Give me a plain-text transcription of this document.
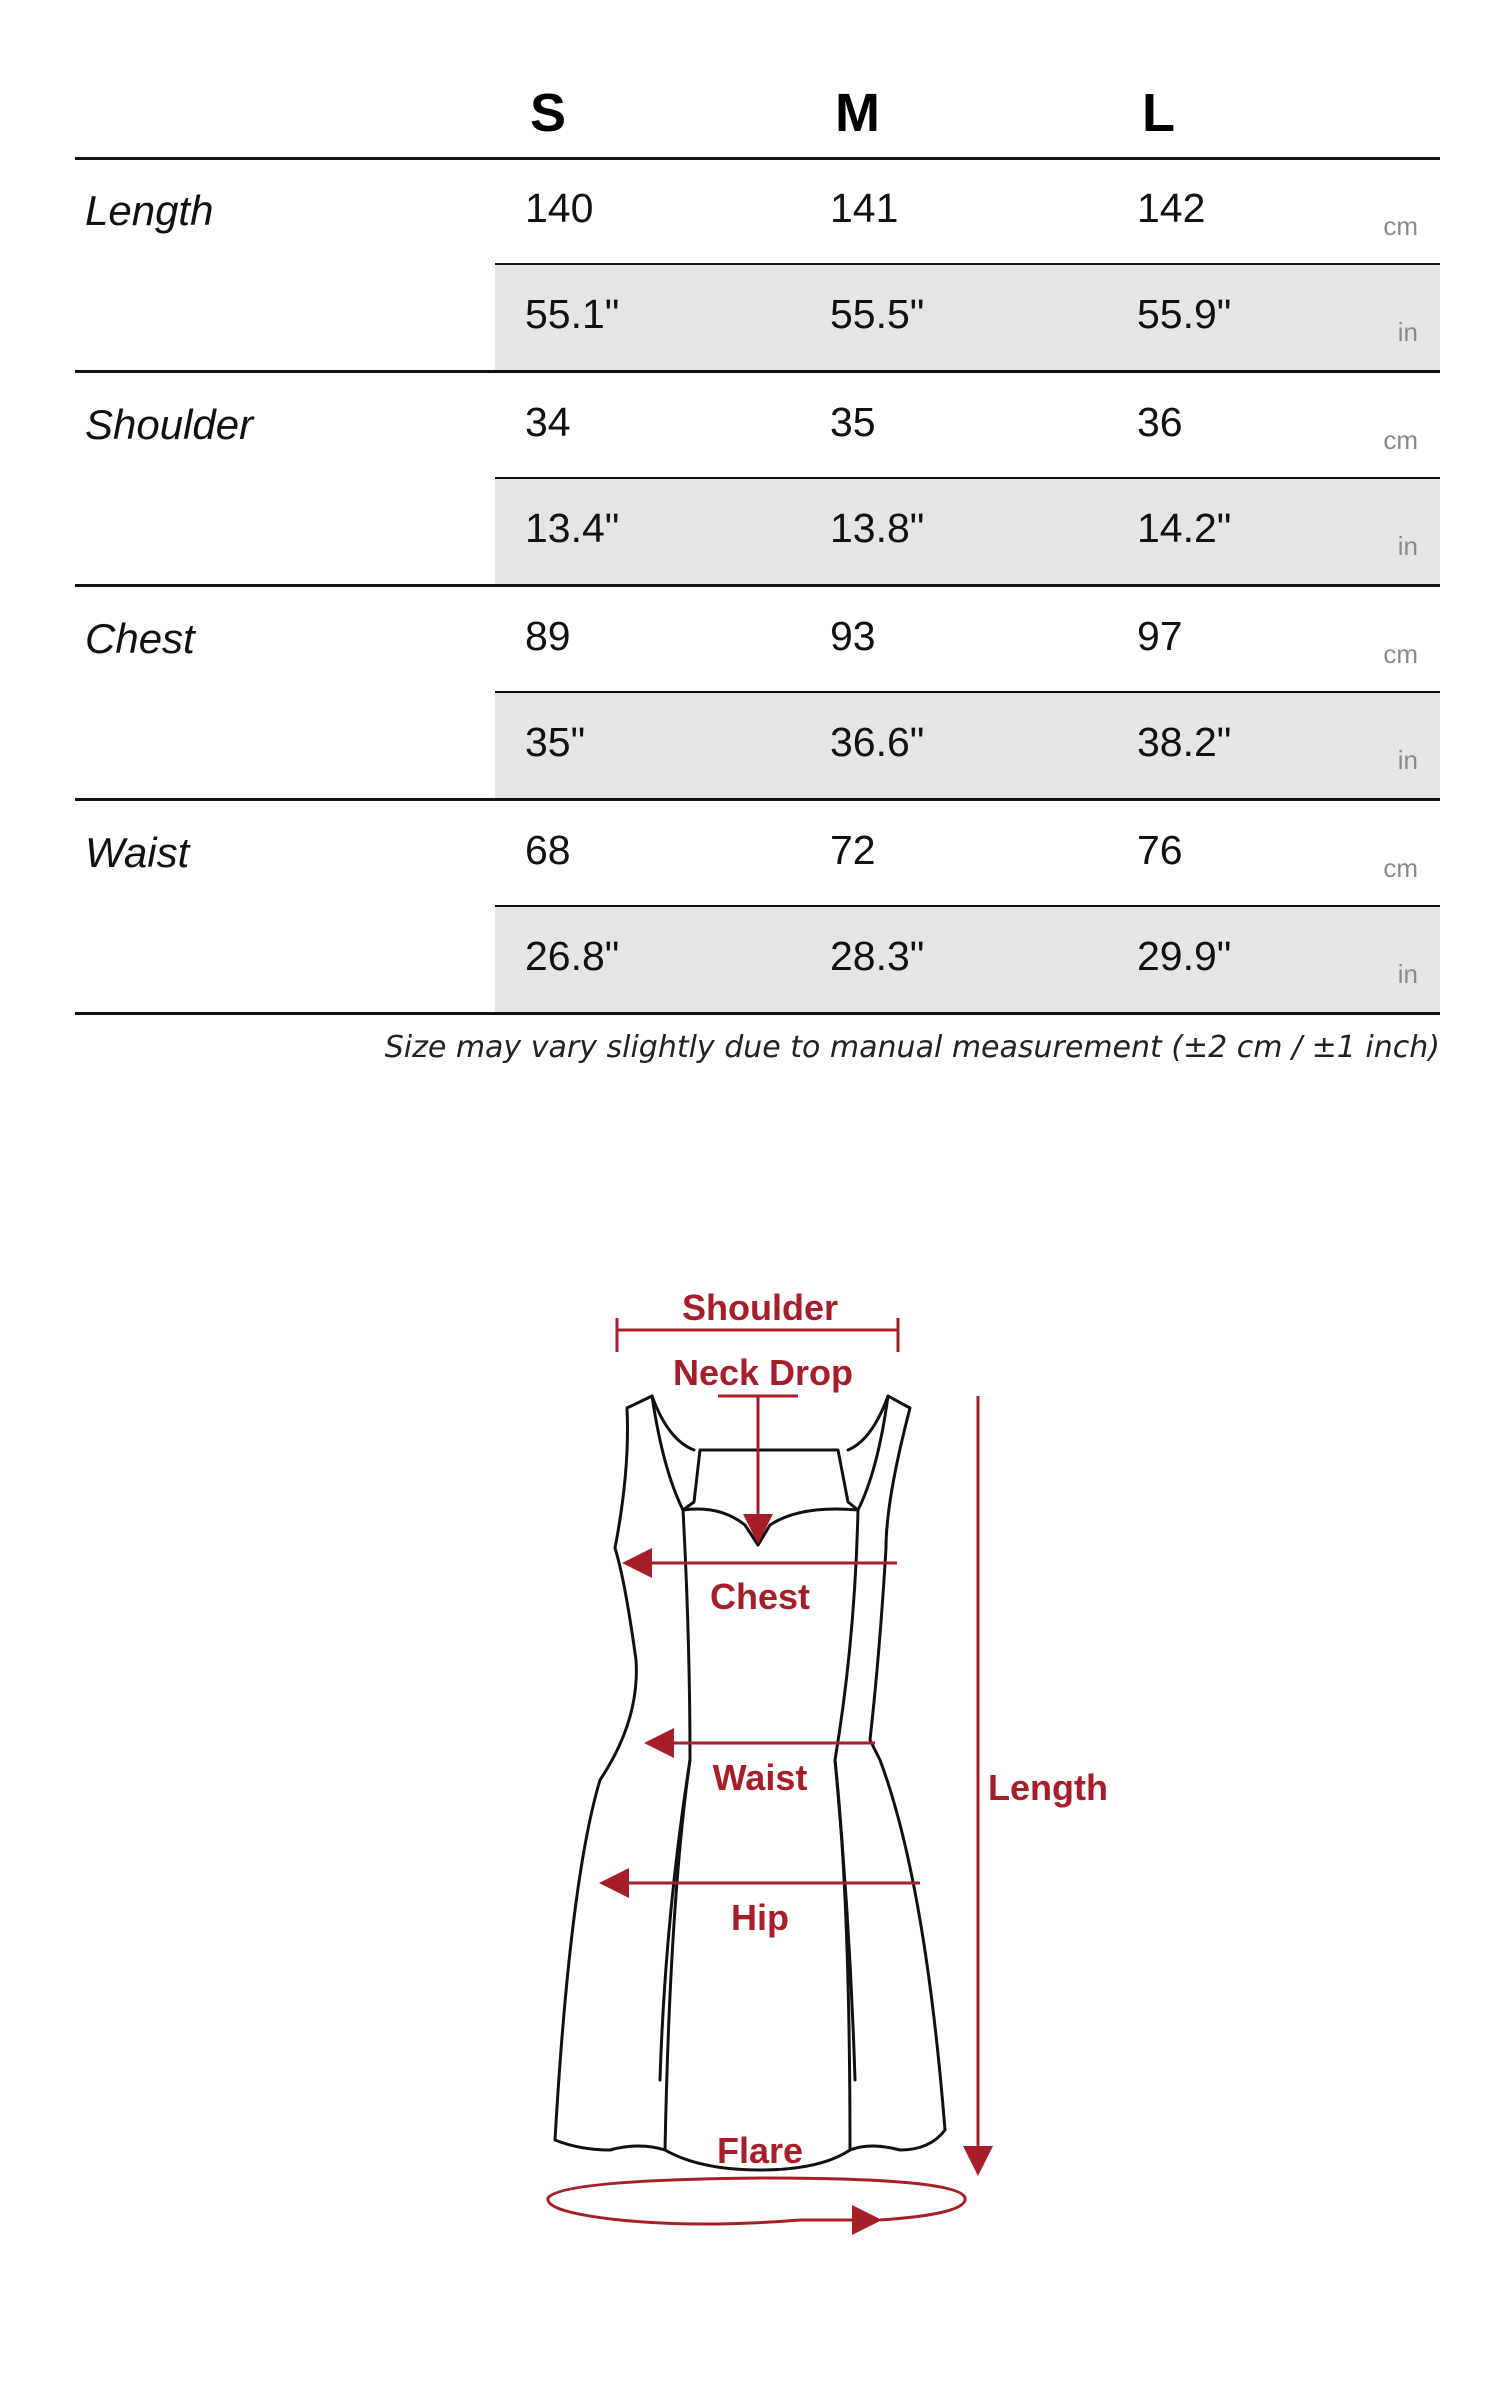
S	M	L
Length	140	141	142	cm
55.1"	55.5"	55.9"	in
Shoulder	34	35	36	cm
13.4"	13.8"	14.2"	in
Chest	89	93	97	cm
35"	36.6"	38.2"	in
Waist	68	72	76	cm
26.8"	28.3"	29.9"	in
Size may vary slightly due to manual measurement (±2 cm / ±1 inch)
Shoulder
Neck Drop
Chest
Waist
Hip
Length
Flare
